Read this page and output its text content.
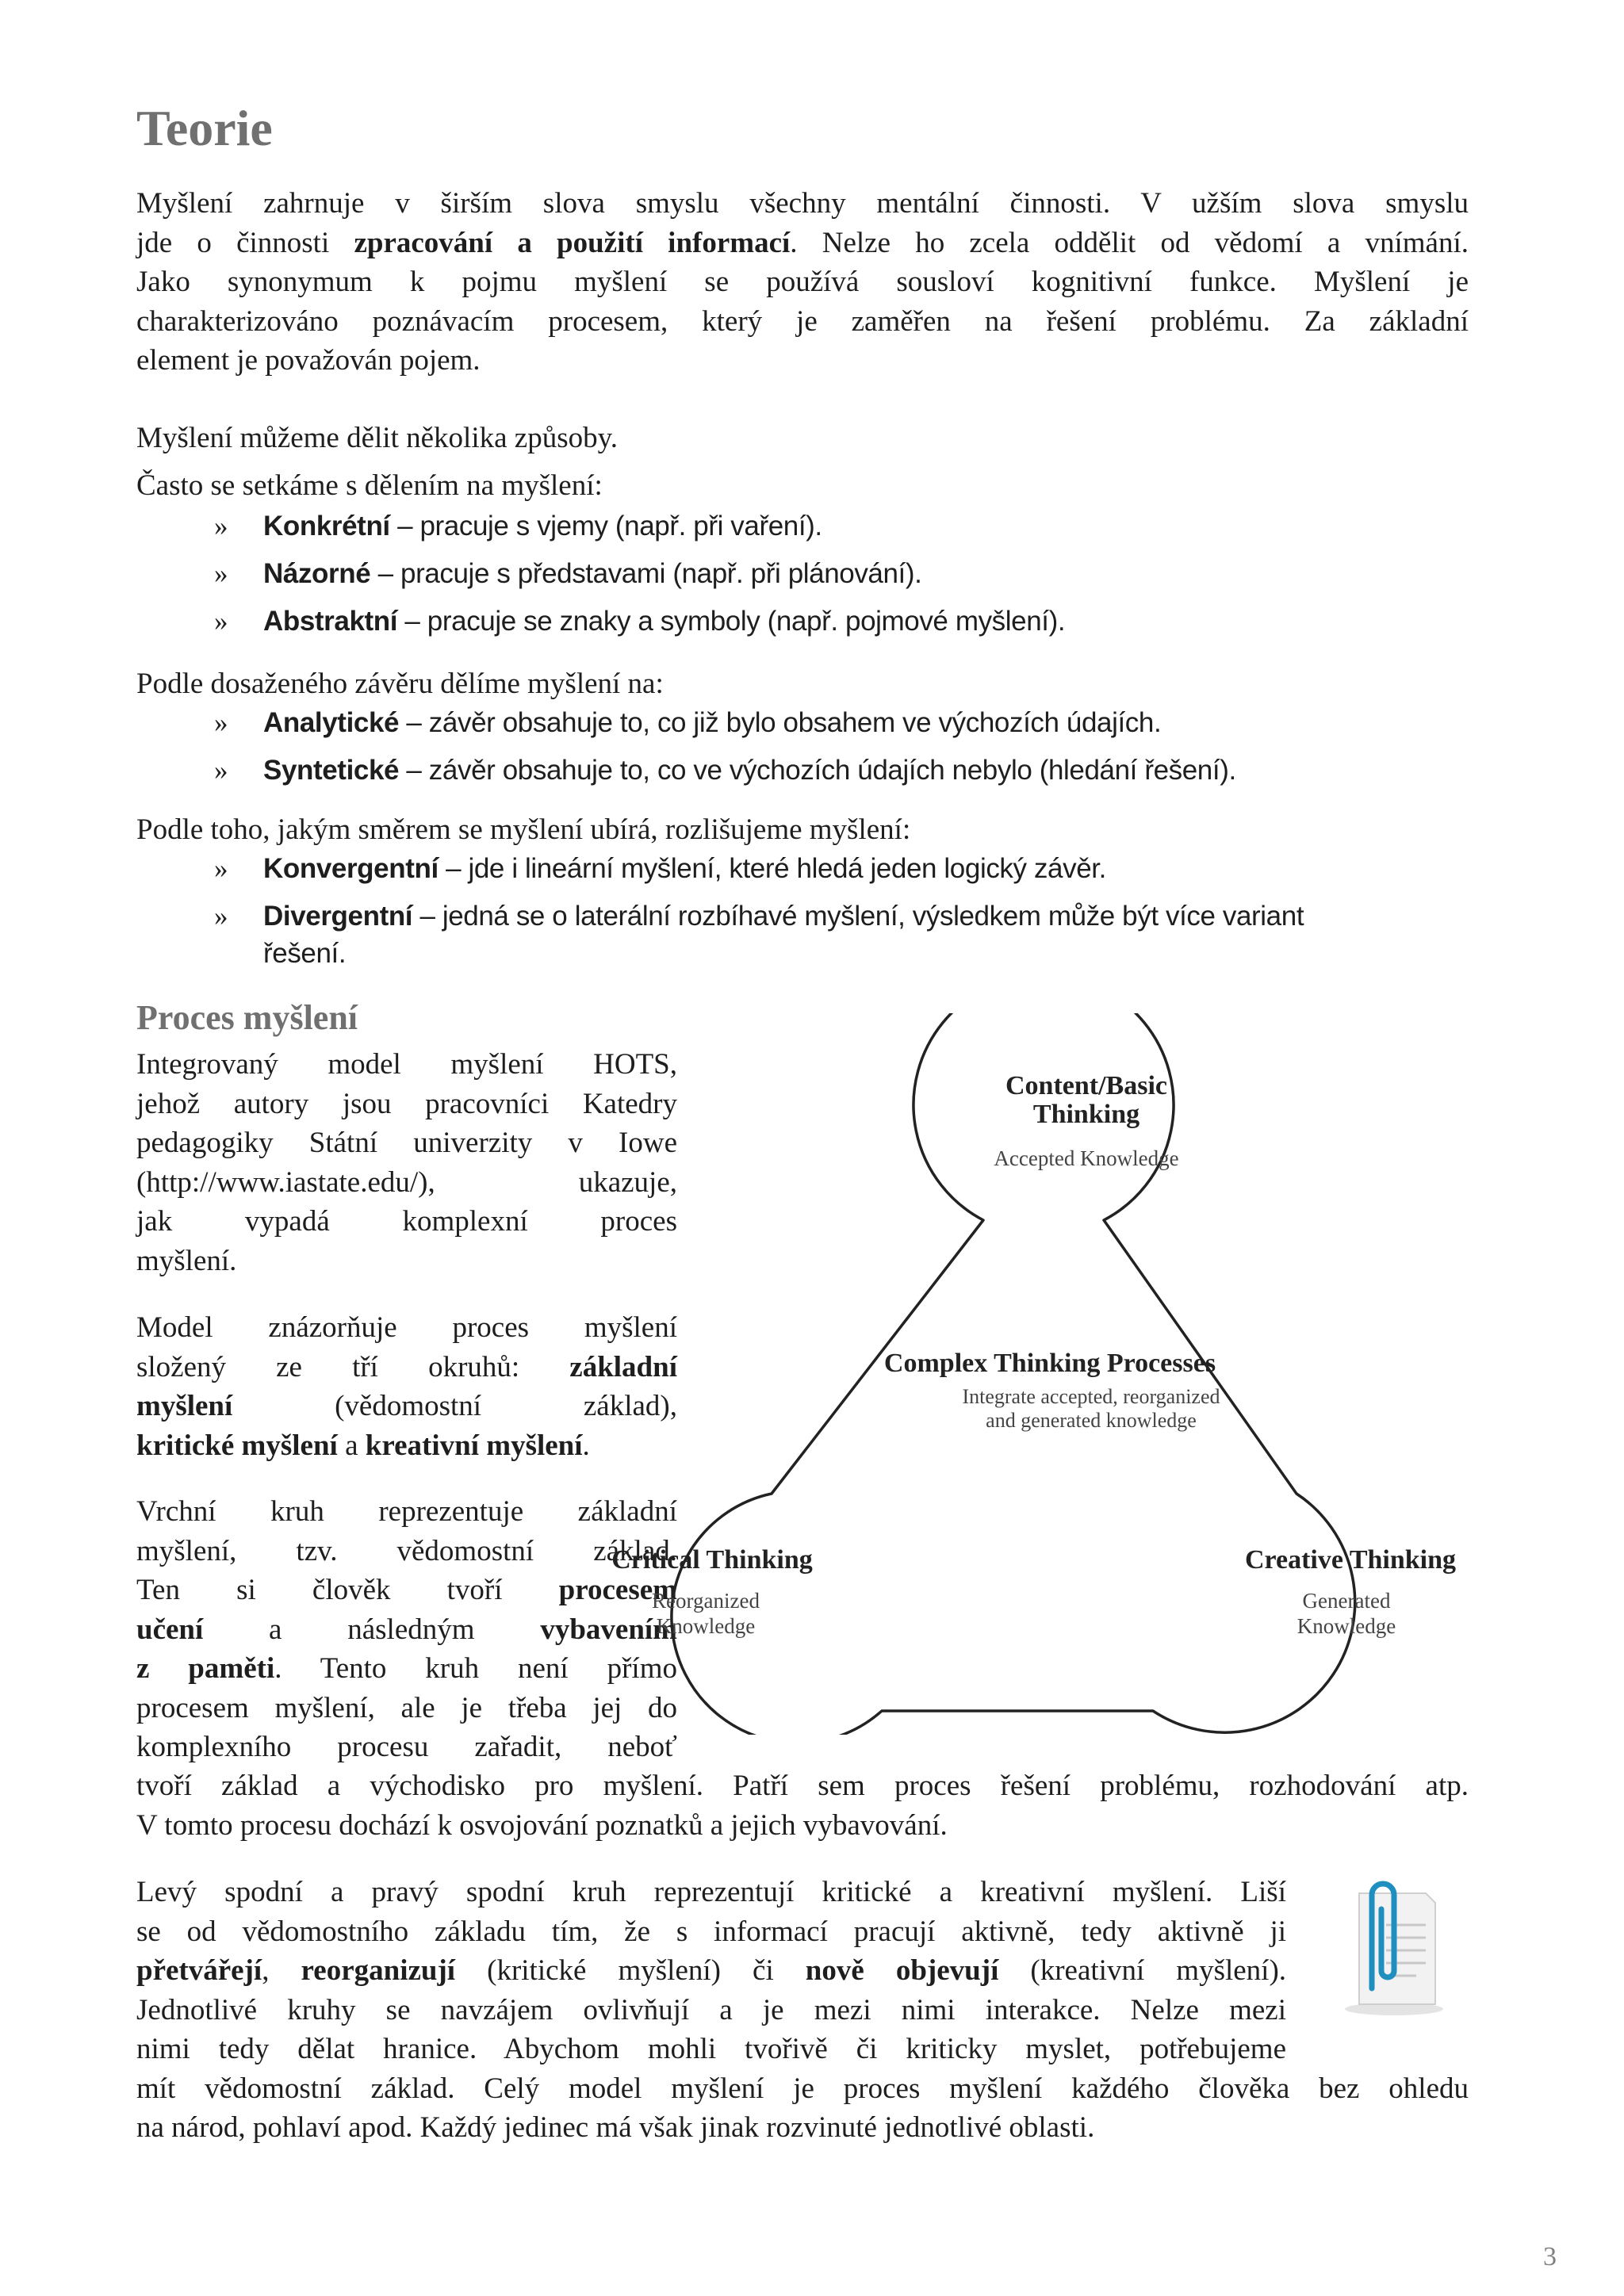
Teorie

Myšlení zahrnuje v širším slova smyslu všechny mentální činnosti. V užším slova smyslu

jde o činnosti zpracování a použití informací. Nelze ho zcela oddělit od vědomí a vnímání.

Jako synonymum k pojmu myšlení se používá sousloví kognitivní funkce. Myšlení je

charakterizováno poznávacím procesem, který je zaměřen na řešení problému. Za základní

element je považován pojem.

Myšlení můžeme dělit několika způsoby.

Často se setkáme s dělením na myšlení:

» Konkrétní – pracuje s vjemy (např. při vaření).

» Názorné – pracuje s představami (např. při plánování).

» Abstraktní – pracuje se znaky a symboly (např. pojmové myšlení).

Podle dosaženého závěru dělíme myšlení na:

» Analytické – závěr obsahuje to, co již bylo obsahem ve výchozích údajích.

» Syntetické – závěr obsahuje to, co ve výchozích údajích nebylo (hledání řešení).

Podle toho, jakým směrem se myšlení ubírá, rozlišujeme myšlení:

» Konvergentní – jde i lineární myšlení, které hledá jeden logický závěr.

» Divergentní – jedná se o laterální rozbíhavé myšlení, výsledkem může být více variant
řešení.

Proces myšlení

Integrovaný model myšlení HOTS,

jehož autory jsou pracovníci Katedry

pedagogiky Státní univerzity v Iowe

(http://www.iastate.edu/), ukazuje,

jak vypadá komplexní proces

myšlení.

Model znázorňuje proces myšlení

složený ze tří okruhů: základní

myšlení (vědomostní základ),

kritické myšlení a kreativní myšlení.

Vrchní kruh reprezentuje základní

myšlení, tzv. vědomostní základ.

Ten si člověk tvoří procesem

učení a následným vybavením

z paměti. Tento kruh není přímo

procesem myšlení, ale je třeba jej do

komplexního procesu zařadit, neboť

tvoří základ a východisko pro myšlení. Patří sem proces řešení problému, rozhodování atp.

V tomto procesu dochází k osvojování poznatků a jejich vybavování.

Levý spodní a pravý spodní kruh reprezentují kritické a kreativní myšlení. Liší

se od vědomostního základu tím, že s informací pracují aktivně, tedy aktivně ji

přetvářejí, reorganizují (kritické myšlení) či nově objevují (kreativní myšlení).

Jednotlivé kruhy se navzájem ovlivňují a je mezi nimi interakce. Nelze mezi

nimi tedy dělat hranice. Abychom mohli tvořivě či kriticky myslet, potřebujeme

mít vědomostní základ. Celý model myšlení je proces myšlení každého člověka bez ohledu

na národ, pohlaví apod. Každý jedinec má však jinak rozvinuté jednotlivé oblasti.

Content/Basic
Thinking
Accepted Knowledge
Complex Thinking Processes
Integrate accepted, reorganized
and generated knowledge
Critical Thinking
Reorganized
Knowledge
Creative Thinking
Generated
Knowledge
3
